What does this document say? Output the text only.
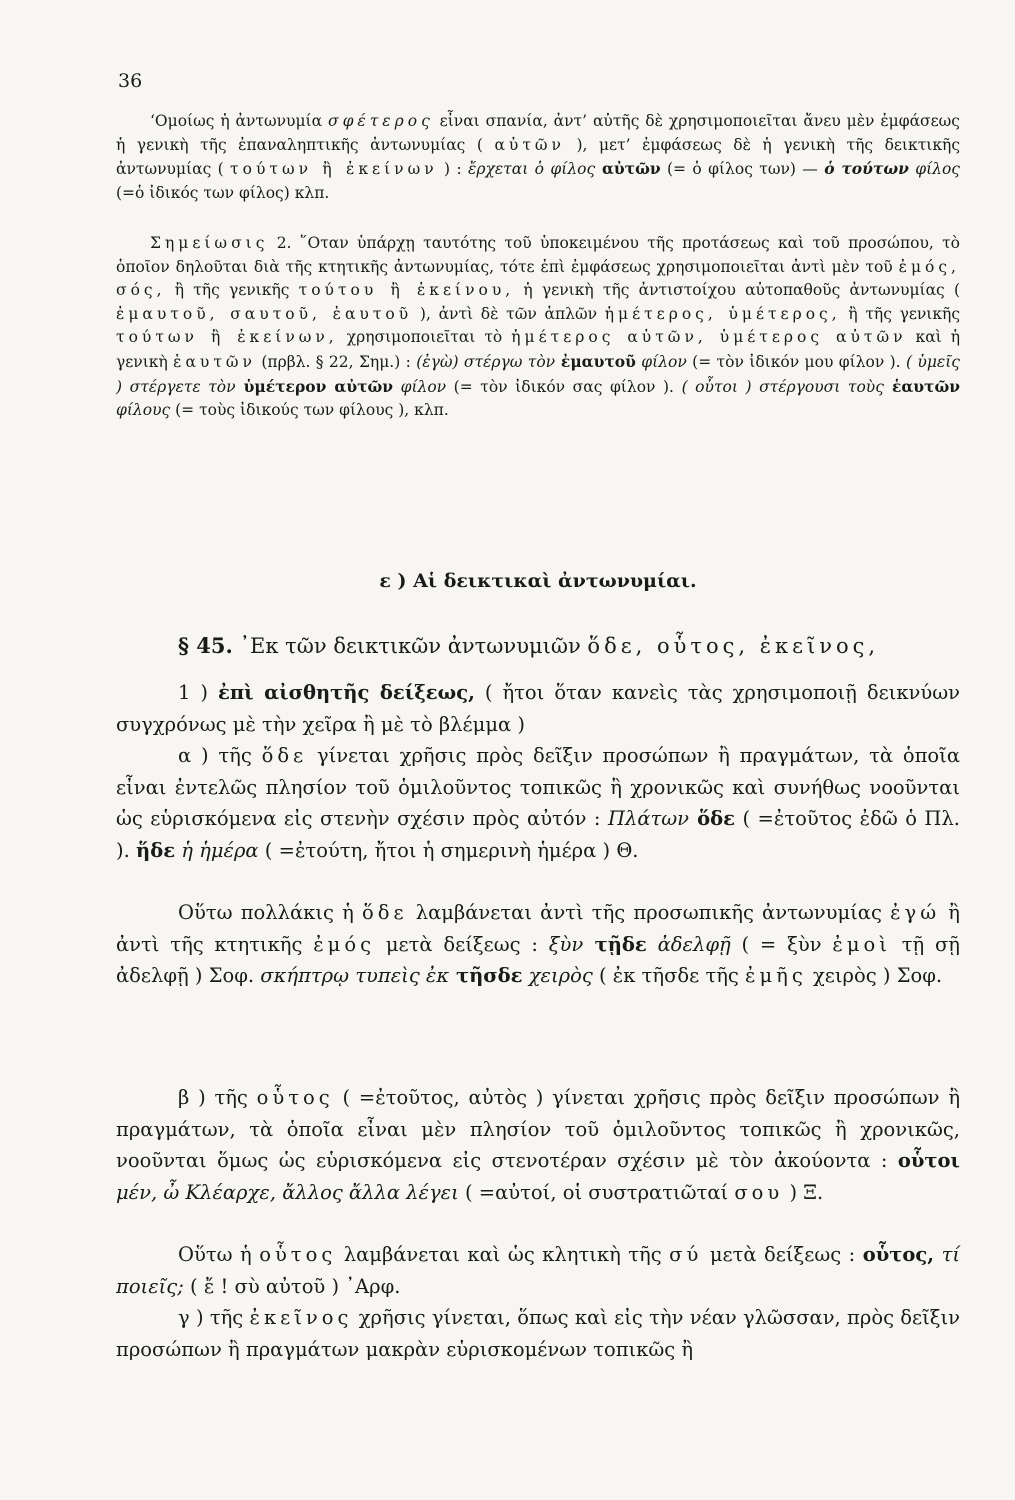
36

‘Ομοίως ἡ ἀντωνυμία σφέτερος εἶναι σπανία, ἀντ’ αὐτῆς δὲ χρησιμοποιεῖται ἄνευ μὲν ἐμφάσεως ἡ γενικὴ τῆς ἐπαναληπτικῆς ἀντωνυμίας ( αὐτῶν ), μετ’ ἐμφάσεως δὲ ἡ γενικὴ τῆς δεικτικῆς ἀντωνυμίας ( τούτων ἢ ἐκείνων ) : ἔρχεται ὁ φίλος αὐτῶν (= ὁ φίλος των) — ὁ τούτων φίλος (=ὁ ἰδικός των φίλος) κλπ.

Σημείωσις 2. ῞Οταν ὑπάρχῃ ταυτότης τοῦ ὑποκειμένου τῆς προτάσεως καὶ τοῦ προσώπου, τὸ ὁποῖον δηλοῦται διὰ τῆς κτητικῆς ἀντωνυμίας, τότε ἐπὶ ἐμφάσεως χρησιμοποιεῖται ἀντὶ μὲν τοῦ ἐμός, σός, ἢ τῆς γενικῆς τούτου ἢ ἐκείνου, ἡ γενικὴ τῆς ἀντιστοίχου αὐτοπαθοῦς ἀντωνυμίας ( ἐμαυτοῦ, σαυτοῦ, ἑαυτοῦ ), ἀντὶ δὲ τῶν ἁπλῶν ἡμέτερος, ὑμέτερος, ἢ τῆς γενικῆς τούτων ἢ ἐκείνων, χρησιμοποιεῖται τὸ ἡμέτερος αὐτῶν, ὑμέτερος αὐτῶν καὶ ἡ γενικὴ ἑαυτῶν (πρβλ. § 22, Σημ.) : (ἐγὼ) στέργω τὸν ἐμαυτοῦ φίλον (= τὸν ἰδικόν μου φίλον ). ( ὑμεῖς ) στέργετε τὸν ὑμέτερον αὐτῶν φίλον (= τὸν ἰδικόν σας φίλον ). ( οὗτοι ) στέργουσι τοὺς ἑαυτῶν φίλους (= τοὺς ἰδικούς των φίλους ), κλπ.

ε ) Αἱ δεικτικαὶ ἀντωνυμίαι.

§ 45. ᾿Εκ τῶν δεικτικῶν ἀντωνυμιῶν ὅδε, οὗτος, ἐκεῖνος,

1 ) ἐπὶ αἰσθητῆς δείξεως, ( ἤτοι ὅταν κανεὶς τὰς χρησιμοποιῇ δεικνύων συγχρόνως μὲ τὴν χεῖρα ἢ μὲ τὸ βλέμμα )

α ) τῆς ὅδε γίνεται χρῆσις πρὸς δεῖξιν προσώπων ἢ πραγμάτων, τὰ ὁποῖα εἶναι ἐντελῶς πλησίον τοῦ ὁμιλοῦντος τοπικῶς ἢ χρονικῶς καὶ συνήθως νοοῦνται ὡς εὑρισκόμενα εἰς στενὴν σχέσιν πρὸς αὐτόν : Πλάτων ὅδε ( =ἐτοῦτος ἐδῶ ὁ Πλ. ). ἥδε ἡ ἡμέρα ( =ἐτούτη, ἤτοι ἡ σημερινὴ ἡμέρα ) Θ.

Οὕτω πολλάκις ἡ ὅδε λαμβάνεται ἀντὶ τῆς προσωπικῆς ἀντωνυμίας ἐγώ ἢ ἀντὶ τῆς κτητικῆς ἐμός μετὰ δείξεως : ξὺν τῇδε ἀδελφῇ ( = ξὺν ἐμοὶ τῇ σῇ ἀδελφῇ ) Σοφ. σκήπτρῳ τυπεὶς ἐκ τῆσδε χειρὸς ( ἐκ τῆσδε τῆς ἐμῆς χειρὸς ) Σοφ.

β ) τῆς οὗτος ( =ἐτοῦτος, αὐτὸς ) γίνεται χρῆσις πρὸς δεῖξιν προσώπων ἢ πραγμάτων, τὰ ὁποῖα εἶναι μὲν πλησίον τοῦ ὁμιλοῦντος τοπικῶς ἢ χρονικῶς, νοοῦνται ὅμως ὡς εὑρισκόμενα εἰς στενοτέραν σχέσιν μὲ τὸν ἀκούοντα : οὗτοι μέν, ὦ Κλέαρχε, ἄλλος ἄλλα λέγει ( =αὐτοί, οἱ συστρατιῶταί σου ) Ξ.

Οὕτω ἡ οὗτος λαμβάνεται καὶ ὡς κλητικὴ τῆς σύ μετὰ δείξεως : οὗτος, τί ποιεῖς; ( ἔ ! σὺ αὐτοῦ ) ᾿Αρφ.

γ ) τῆς ἐκεῖνος χρῆσις γίνεται, ὅπως καὶ εἰς τὴν νέαν γλῶσσαν, πρὸς δεῖξιν προσώπων ἢ πραγμάτων μακρὰν εὑρισκομένων τοπικῶς ἢ
